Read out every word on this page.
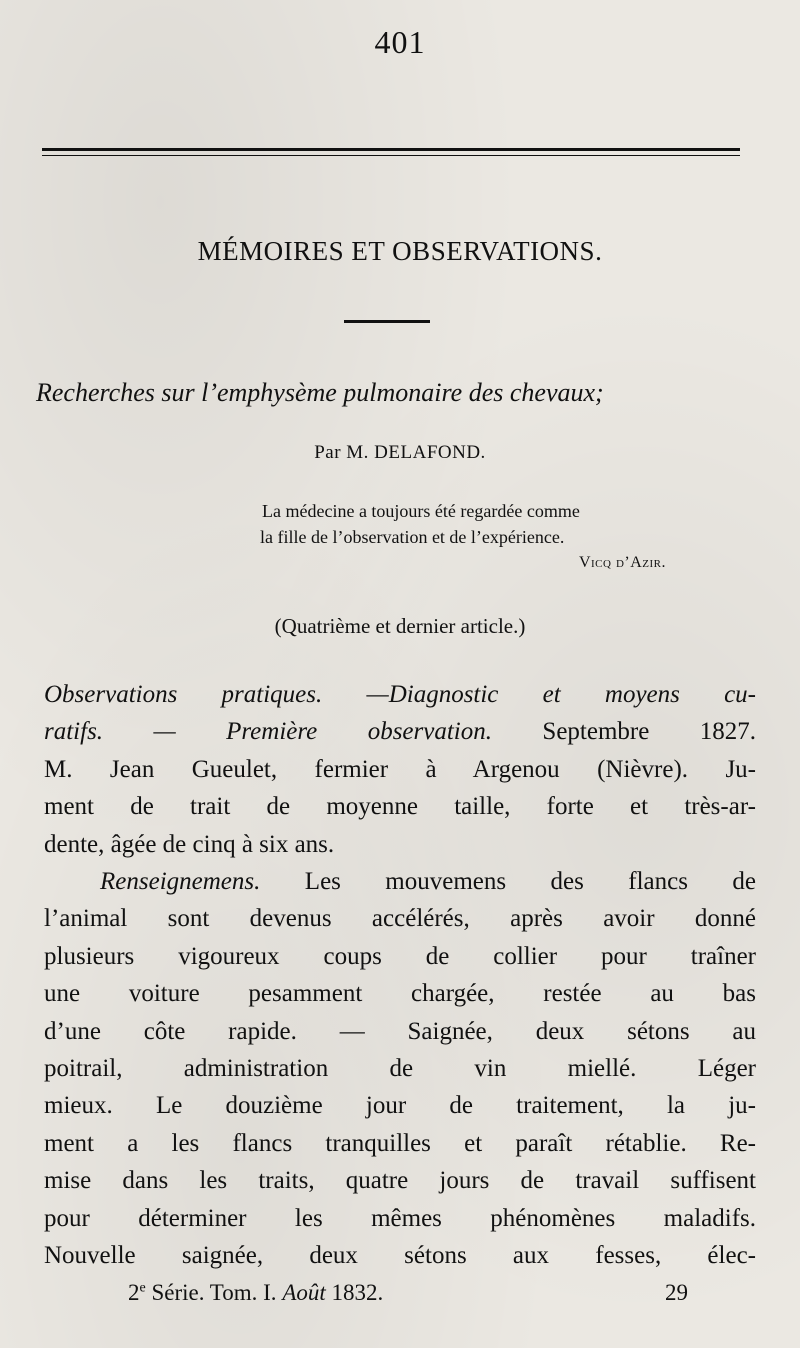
401
MÉMOIRES ET OBSERVATIONS.
Recherches sur l’emphysème pulmonaire des chevaux;
Par M. DELAFOND.
La médecine a toujours été regardée comme
la fille de l’observation et de l’expérience.
Vicq d’Azir.
(Quatrième et dernier article.)
Observations pratiques. —Diagnostic et moyens cu-
ratifs. — Première observation. Septembre 1827.
M. Jean Gueulet, fermier à Argenou (Nièvre). Ju-
ment de trait de moyenne taille, forte et très-ar-
dente, âgée de cinq à six ans.
Renseignemens. Les mouvemens des flancs de
l’animal sont devenus accélérés, après avoir donné
plusieurs vigoureux coups de collier pour traîner
une voiture pesamment chargée, restée au bas
d’une côte rapide. — Saignée, deux sétons au
poitrail, administration de vin miellé. Léger
mieux. Le douzième jour de traitement, la ju-
ment a les flancs tranquilles et paraît rétablie. Re-
mise dans les traits, quatre jours de travail suffisent
pour déterminer les mêmes phénomènes maladifs.
Nouvelle saignée, deux sétons aux fesses, élec-
2e Série. Tom. I. Août 1832.	29
